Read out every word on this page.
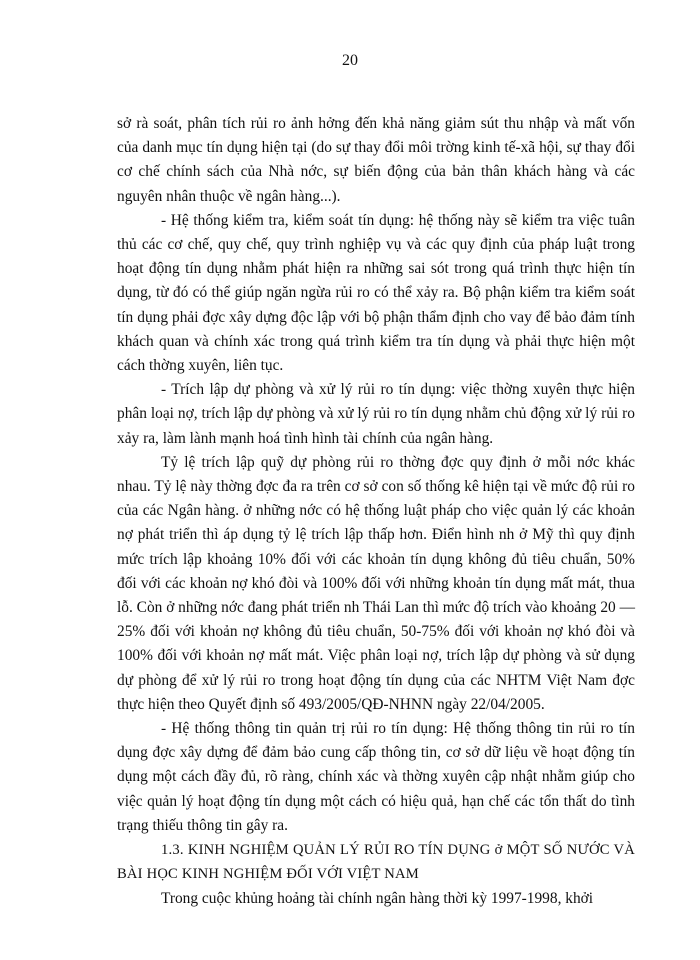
20

sở rà soát, phân tích rủi ro ảnh hởng đến khả năng giảm sút thu nhập và mất vốn của danh mục tín dụng hiện tại (do sự thay đổi môi trờng kinh tế-xã hội, sự thay đổi cơ chế chính sách của Nhà nớc, sự biến động của bản thân khách hàng và các nguyên nhân thuộc về ngân hàng...).

- Hệ thống kiểm tra, kiểm soát tín dụng: hệ thống này sẽ kiểm tra việc tuân thủ các cơ chế, quy chế, quy trình nghiệp vụ và các quy định của pháp luật trong hoạt động tín dụng nhằm phát hiện ra những sai sót trong quá trình thực hiện tín dụng, từ đó có thể giúp ngăn ngừa rủi ro có thể xảy ra. Bộ phận kiểm tra kiểm soát tín dụng phải đợc xây dựng độc lập với bộ phận thẩm định cho vay để bảo đảm tính khách quan và chính xác trong quá trình kiểm tra tín dụng và phải thực hiện một cách thờng xuyên, liên tục.

- Trích lập dự phòng và xử lý rủi ro tín dụng: việc thờng xuyên thực hiện phân loại nợ, trích lập dự phòng và xử lý rủi ro tín dụng nhằm chủ động xử lý rủi ro xảy ra, làm lành mạnh hoá tình hình tài chính của ngân hàng.

Tỷ lệ trích lập quỹ dự phòng rủi ro thờng đợc quy định ở mỗi nớc khác nhau. Tỷ lệ này thờng đợc đa ra trên cơ sở con số thống kê hiện tại về mức độ rủi ro của các Ngân hàng. ở những nớc có hệ thống luật pháp cho việc quản lý các khoản nợ phát triển thì áp dụng tỷ lệ trích lập thấp hơn. Điển hình nh ở Mỹ thì quy định mức trích lập khoảng 10% đối với các khoản tín dụng không đủ tiêu chuẩn, 50% đối với các khoản nợ khó đòi và 100% đối với những khoản tín dụng mất mát, thua lỗ. Còn ở những nớc đang phát triển nh Thái Lan thì mức độ trích vào khoảng 20 — 25% đối với khoản nợ không đủ tiêu chuẩn, 50-75% đối với khoản nợ khó đòi và 100% đối với khoản nợ mất mát. Việc phân loại nợ, trích lập dự phòng và sử dụng dự phòng để xử lý rủi ro trong hoạt động tín dụng của các NHTM Việt Nam đợc thực hiện theo Quyết định số 493/2005/QĐ-NHNN ngày 22/04/2005.

- Hệ thống thông tin quản trị rủi ro tín dụng: Hệ thống thông tin rủi ro tín dụng đợc xây dựng để đảm bảo cung cấp thông tin, cơ sở dữ liệu về hoạt động tín dụng một cách đầy đủ, rõ ràng, chính xác và thờng xuyên cập nhật nhằm giúp cho việc quản lý hoạt động tín dụng một cách có hiệu quả, hạn chế các tổn thất do tình trạng thiếu thông tin gây ra.

1.3. KINH NGHIỆM QUẢN LÝ RỦI RO TÍN DỤNG ở MỘT SỐ NƯỚC VÀ BÀI HỌC KINH NGHIỆM ĐỐI VỚI VIỆT NAM

Trong cuộc khủng hoảng tài chính ngân hàng thời kỳ 1997-1998, khởi
